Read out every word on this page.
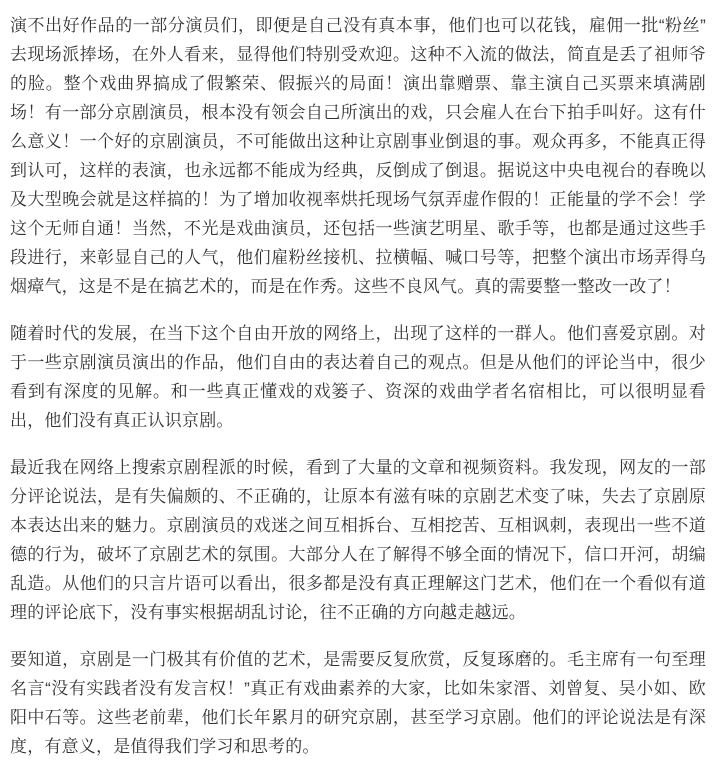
演不出好作品的一部分演员们，即便是自己没有真本事，他们也可以花钱，雇佣一批“粉丝”去现场派捧场，在外人看来，显得他们特别受欢迎。这种不入流的做法，简直是丢了祖师爷的脸。整个戏曲界搞成了假繁荣、假振兴的局面！演出靠赠票、靠主演自己买票来填满剧场！有一部分京剧演员，根本没有领会自己所演出的戏，只会雇人在台下拍手叫好。这有什么意义！一个好的京剧演员，不可能做出这种让京剧事业倒退的事。观众再多，不能真正得到认可，这样的表演，也永远都不能成为经典，反倒成了倒退。据说这中央电视台的春晚以及大型晚会就是这样搞的！为了增加收视率烘托现场气氛弄虚作假的！正能量的学不会！学这个无师自通！当然，不光是戏曲演员，还包括一些演艺明星、歌手等，也都是通过这些手段进行，来彰显自己的人气，他们雇粉丝接机、拉横幅、喊口号等，把整个演出市场弄得乌烟瘴气，这是不是在搞艺术的，而是在作秀。这些不良风气。真的需要整一整改一改了！

随着时代的发展，在当下这个自由开放的网络上，出现了这样的一群人。他们喜爱京剧。对于一些京剧演员演出的作品，他们自由的表达着自己的观点。但是从他们的评论当中，很少看到有深度的见解。和一些真正懂戏的戏篓子、资深的戏曲学者名宿相比，可以很明显看出，他们没有真正认识京剧。

最近我在网络上搜索京剧程派的时候，看到了大量的文章和视频资料。我发现，网友的一部分评论说法，是有失偏颇的、不正确的，让原本有滋有味的京剧艺术变了味，失去了京剧原本表达出来的魅力。京剧演员的戏迷之间互相拆台、互相挖苦、互相讽刺，表现出一些不道德的行为，破坏了京剧艺术的氛围。大部分人在了解得不够全面的情况下，信口开河，胡编乱造。从他们的只言片语可以看出，很多都是没有真正理解这门艺术，他们在一个看似有道理的评论底下，没有事实根据胡乱讨论，往不正确的方向越走越远。

要知道，京剧是一门极其有价值的艺术，是需要反复欣赏，反复琢磨的。毛主席有一句至理名言“没有实践者没有发言权！”真正有戏曲素养的大家，比如朱家溍、刘曾复、吴小如、欧阳中石等。这些老前辈，他们长年累月的研究京剧，甚至学习京剧。他们的评论说法是有深度，有意义，是值得我们学习和思考的。
